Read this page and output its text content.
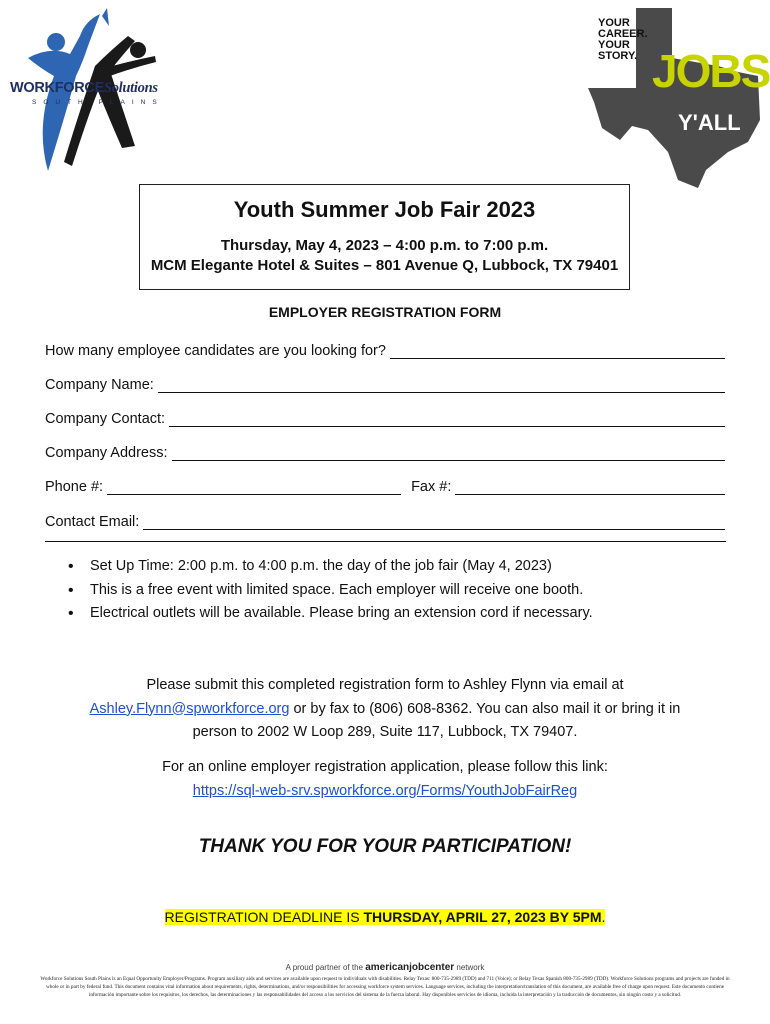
WORKFORCESolutions
SOUTH PLAINS
YOUR
CAREER.
YOUR
STORY. JOBS
Y'ALL
Youth Summer Job Fair 2023
Thursday, May 4, 2023 – 4:00 p.m. to 7:00 p.m.
MCM Elegante Hotel & Suites – 801 Avenue Q, Lubbock, TX 79401
EMPLOYER REGISTRATION FORM
How many employee candidates are you looking for?
Company Name:
Company Contact:
Company Address:
Phone #:	Fax #:
Contact Email:
• Set Up Time: 2:00 p.m. to 4:00 p.m. the day of the job fair (May 4, 2023)
• This is a free event with limited space. Each employer will receive one booth.
• Electrical outlets will be available. Please bring an extension cord if necessary.
Please submit this completed registration form to Ashley Flynn via email at
Ashley.Flynn@spworkforce.org or by fax to (806) 608-8362. You can also mail it or bring it in
person to 2002 W Loop 289, Suite 117, Lubbock, TX 79407.
For an online employer registration application, please follow this link:
https://sql-web-srv.spworkforce.org/Forms/YouthJobFairReg
THANK YOU FOR YOUR PARTICIPATION!
REGISTRATION DEADLINE IS THURSDAY, APRIL 27, 2023 BY 5PM.
A proud partner of the americanjobcenter network
Workforce Solutions South Plains is an Equal Opportunity Employer/Programs. Program auxiliary aids and services are available upon request to individuals with disabilities. Relay Texas: 800-735-2989 (TDD) and 711 (Voice); or Relay Texas Spanish 800-735-2989 (TDD). Workforce Solutions programs and projects are funded in whole or in part by federal fund. This document contains vital information about requirements, rights, determinations, and/or responsibilities for accessing workforce system services. Language services, including the interpretation/translation of this document, are available free of charge upon request. Este documento contiene información importante sobre los requisitos, los derechos, las determinaciones y las responsabilidades del acceso a los servicios del sistema de la fuerza laboral. Hay disponibles servicios de idioma, incluida la interpretación y la traducción de documentos, sin ningún costo y a solicitud.
